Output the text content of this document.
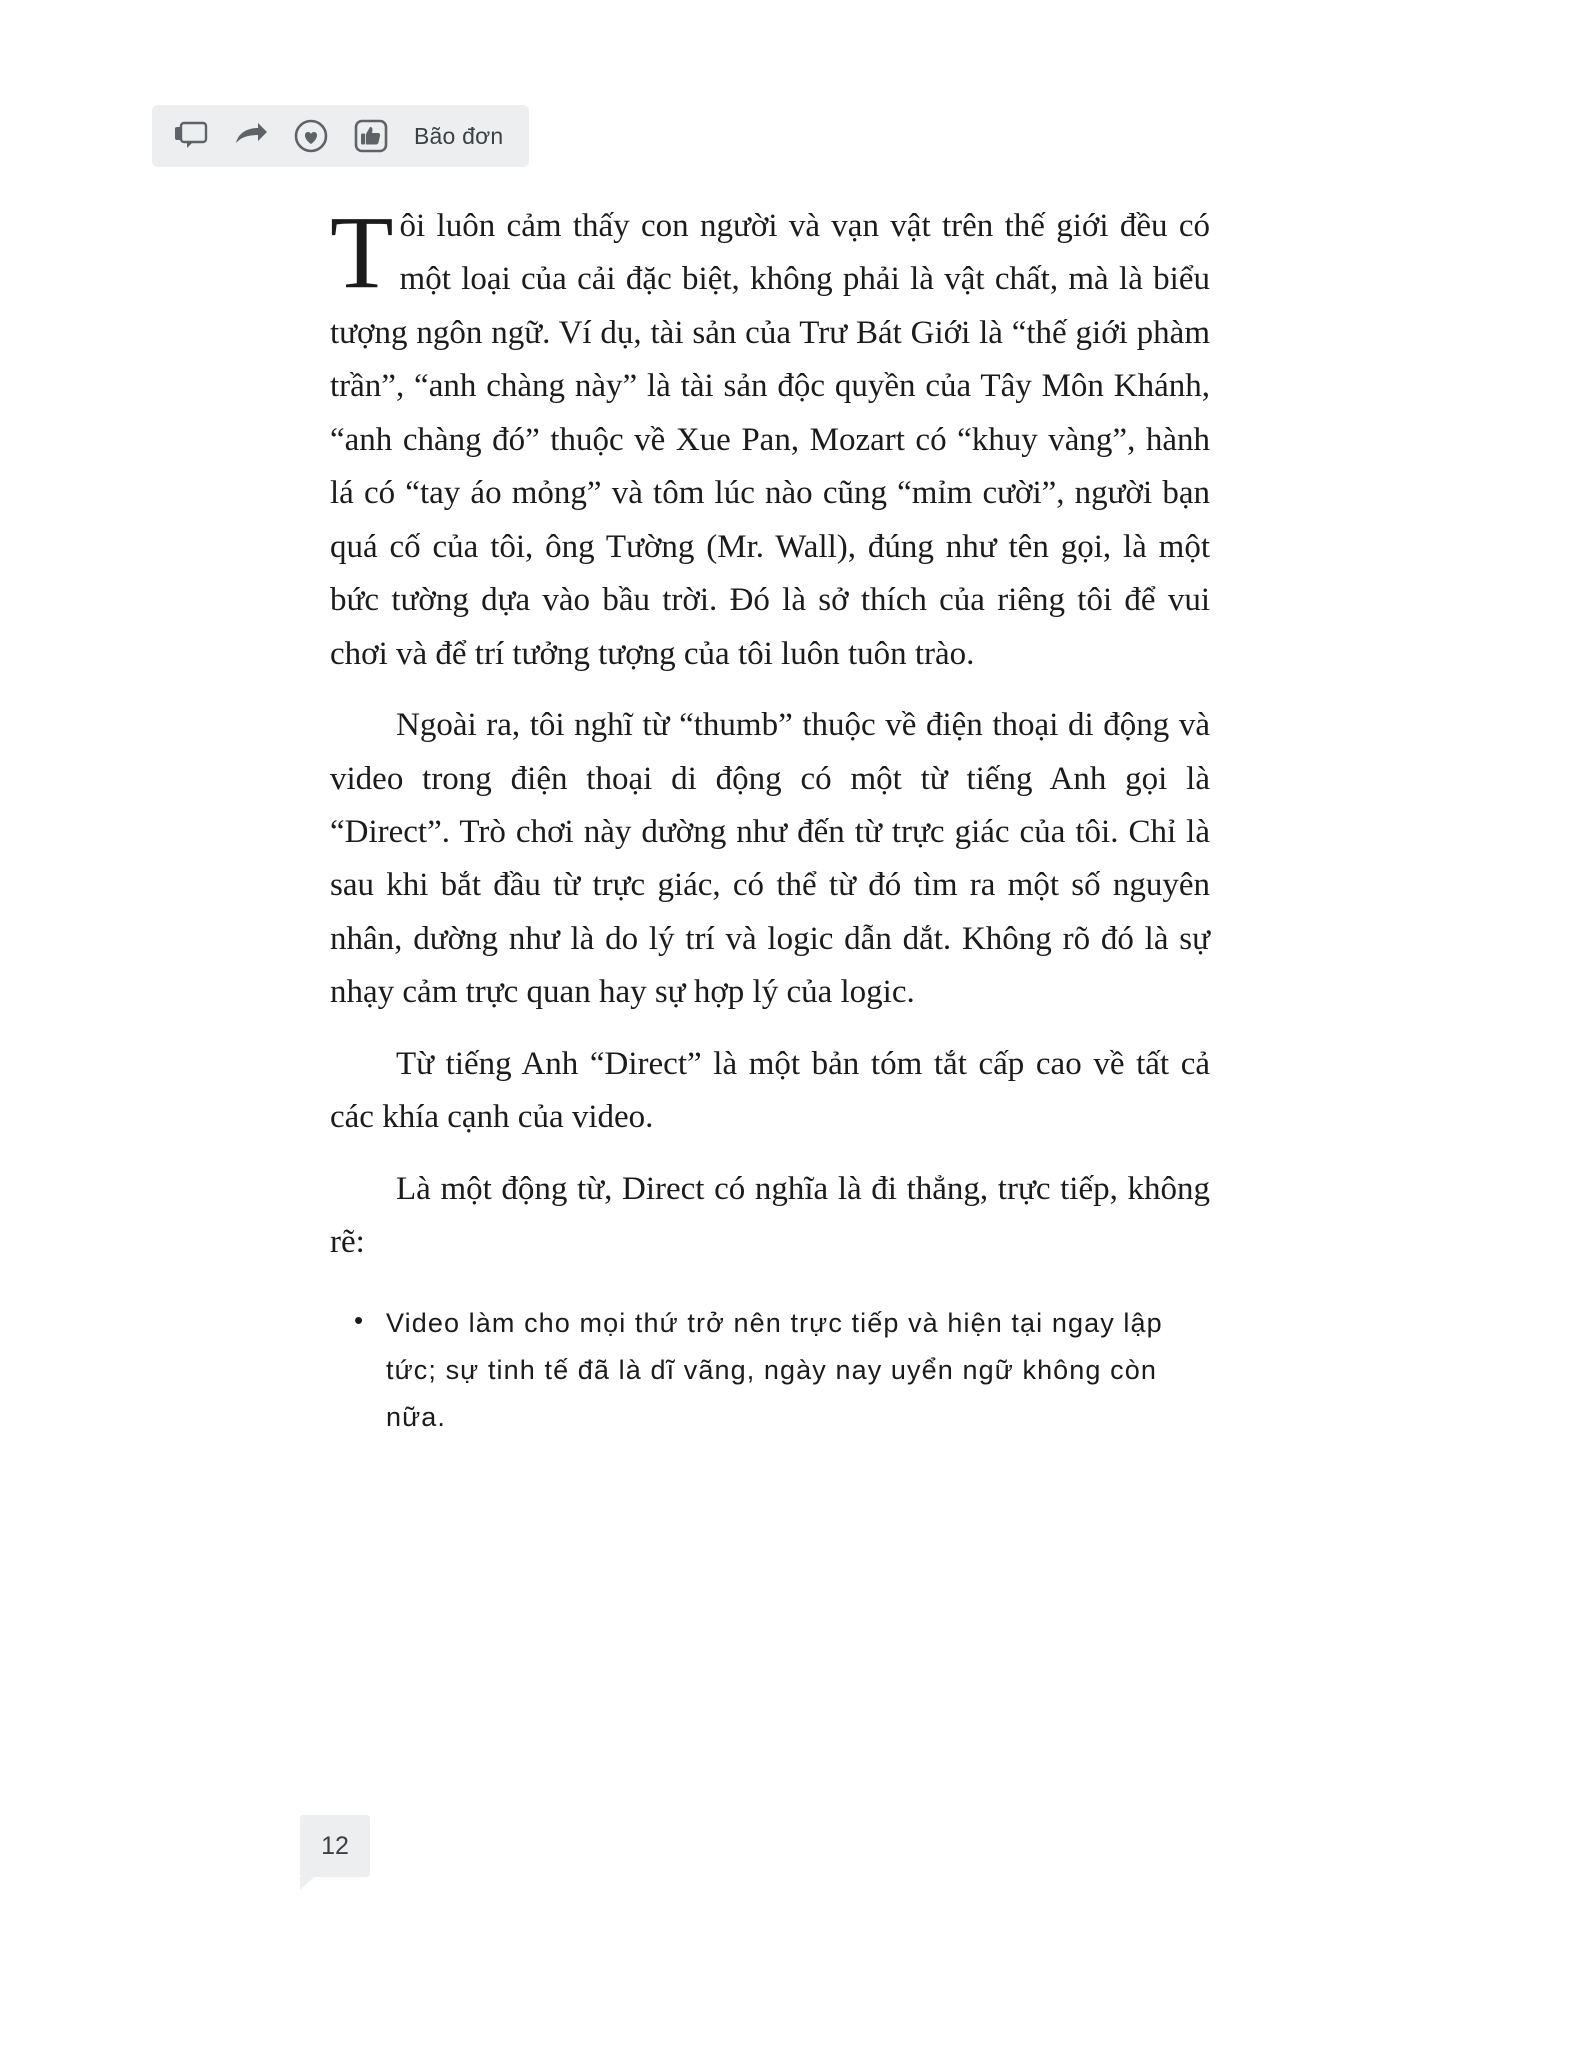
Bão đơn

T ôi luôn cảm thấy con người và vạn vật trên thế giới đều có một loại của cải đặc biệt, không phải là vật chất, mà là biểu tượng ngôn ngữ. Ví dụ, tài sản của Trư Bát Giới là “thế giới phàm trần”, “anh chàng này” là tài sản độc quyền của Tây Môn Khánh, “anh chàng đó” thuộc về Xue Pan, Mozart có “khuy vàng”, hành lá có “tay áo mỏng” và tôm lúc nào cũng “mỉm cười”, người bạn quá cố của tôi, ông Tường (Mr. Wall), đúng như tên gọi, là một bức tường dựa vào bầu trời. Đó là sở thích của riêng tôi để vui chơi và để trí tưởng tượng của tôi luôn tuôn trào.

Ngoài ra, tôi nghĩ từ “thumb” thuộc về điện thoại di động và video trong điện thoại di động có một từ tiếng Anh gọi là “Direct”. Trò chơi này dường như đến từ trực giác của tôi. Chỉ là sau khi bắt đầu từ trực giác, có thể từ đó tìm ra một số nguyên nhân, dường như là do lý trí và logic dẫn dắt. Không rõ đó là sự nhạy cảm trực quan hay sự hợp lý của logic.

Từ tiếng Anh “Direct” là một bản tóm tắt cấp cao về tất cả các khía cạnh của video.

Là một động từ, Direct có nghĩa là đi thẳng, trực tiếp, không rẽ:

• Video làm cho mọi thứ trở nên trực tiếp và hiện tại ngay lập tức; sự tinh tế đã là dĩ vãng, ngày nay uyển ngữ không còn nữa.
12
